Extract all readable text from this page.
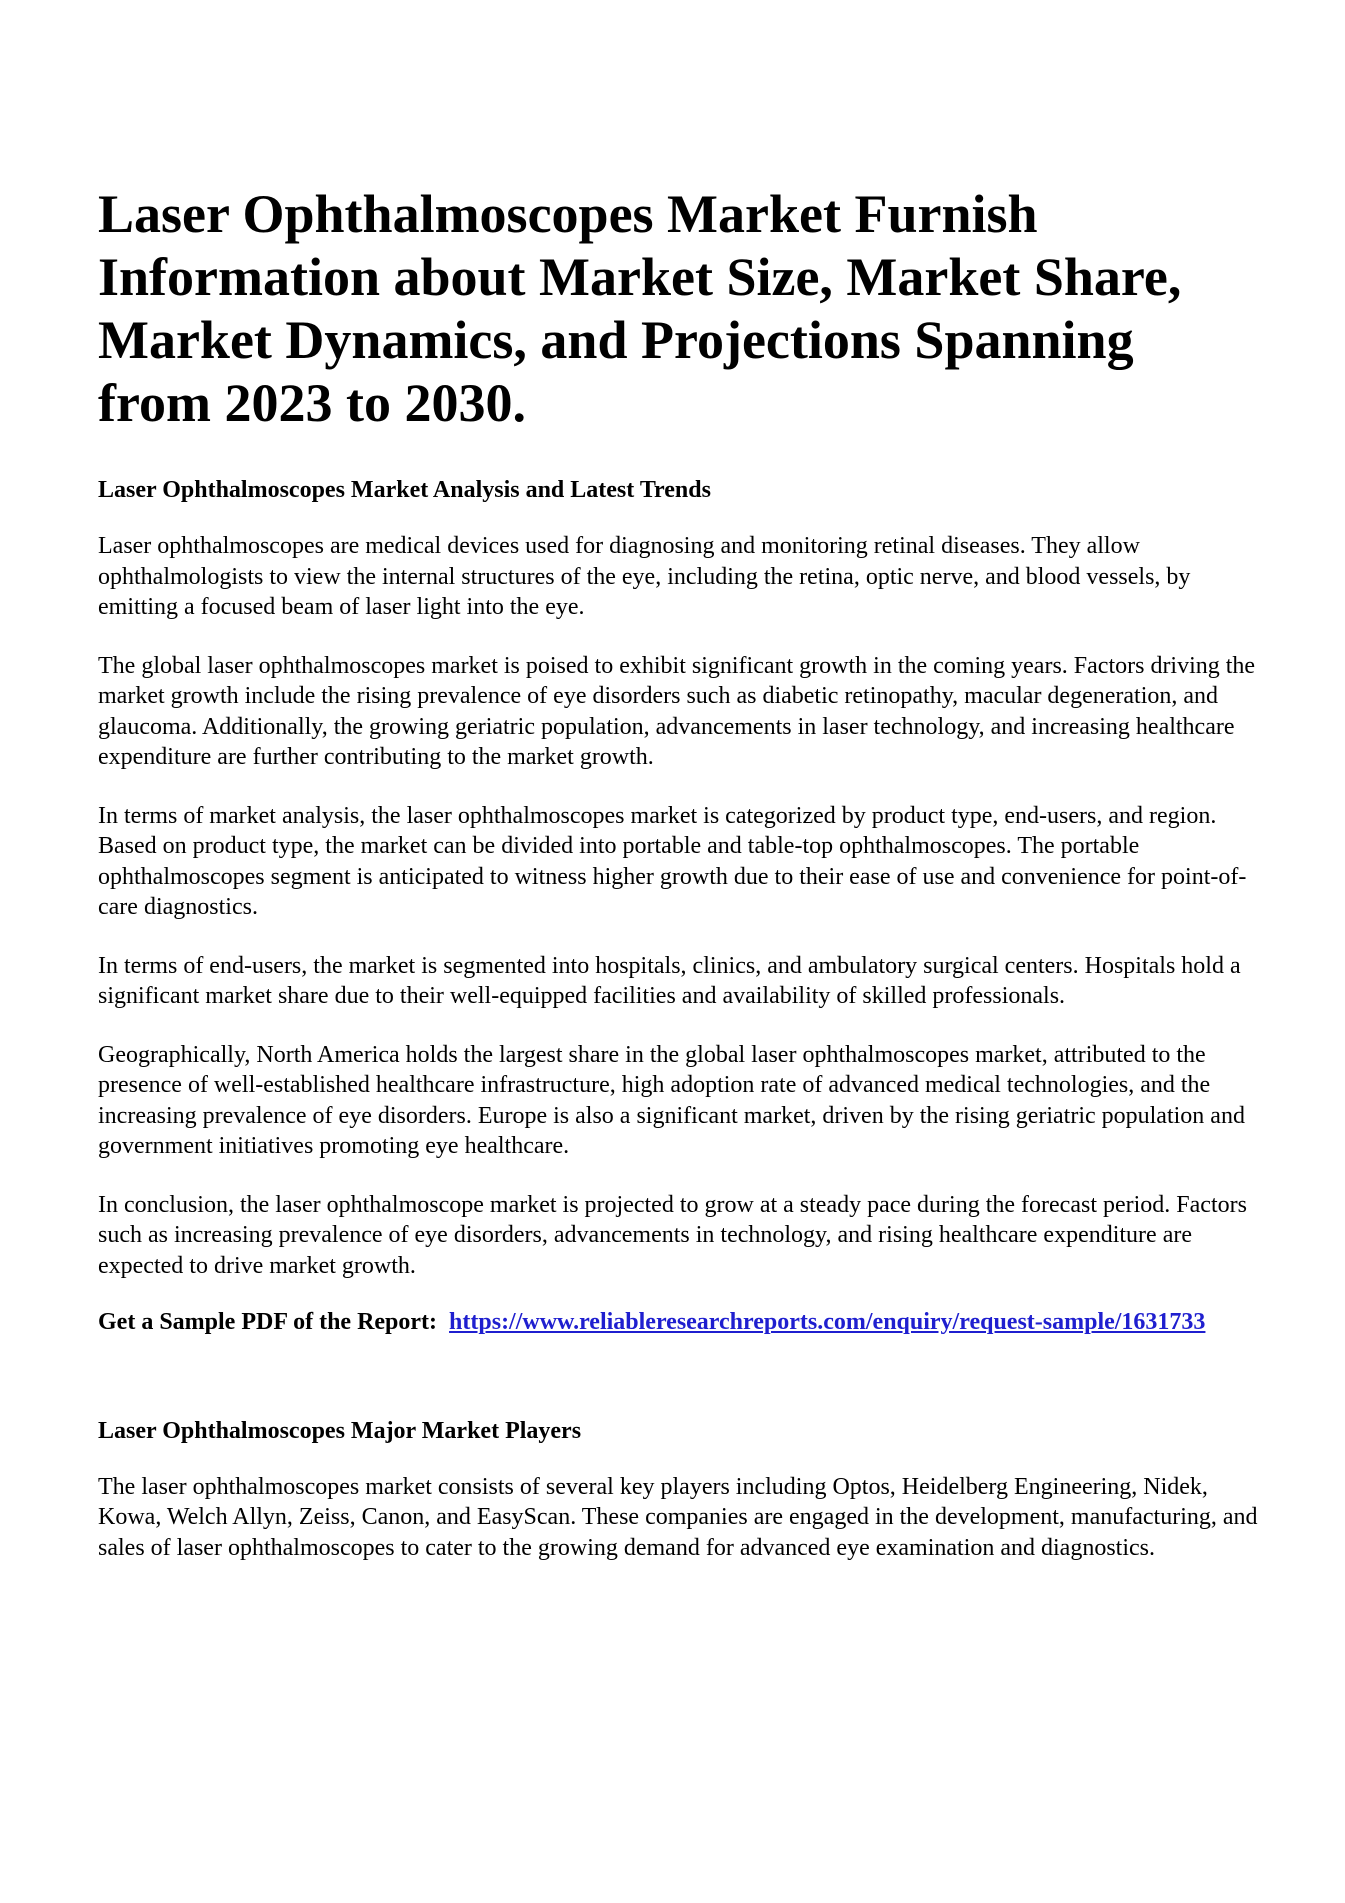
Laser Ophthalmoscopes Market Furnish Information about Market Size, Market Share, Market Dynamics, and Projections Spanning from 2023 to 2030.
Laser Ophthalmoscopes Market Analysis and Latest Trends

Laser ophthalmoscopes are medical devices used for diagnosing and monitoring retinal diseases. They allow ophthalmologists to view the internal structures of the eye, including the retina, optic nerve, and blood vessels, by emitting a focused beam of laser light into the eye.

The global laser ophthalmoscopes market is poised to exhibit significant growth in the coming years. Factors driving the market growth include the rising prevalence of eye disorders such as diabetic retinopathy, macular degeneration, and glaucoma. Additionally, the growing geriatric population, advancements in laser technology, and increasing healthcare expenditure are further contributing to the market growth.

In terms of market analysis, the laser ophthalmoscopes market is categorized by product type, end-users, and region. Based on product type, the market can be divided into portable and table-top ophthalmoscopes. The portable ophthalmoscopes segment is anticipated to witness higher growth due to their ease of use and convenience for point-of-care diagnostics.

In terms of end-users, the market is segmented into hospitals, clinics, and ambulatory surgical centers. Hospitals hold a significant market share due to their well-equipped facilities and availability of skilled professionals.

Geographically, North America holds the largest share in the global laser ophthalmoscopes market, attributed to the presence of well-established healthcare infrastructure, high adoption rate of advanced medical technologies, and the increasing prevalence of eye disorders. Europe is also a significant market, driven by the rising geriatric population and government initiatives promoting eye healthcare.

In conclusion, the laser ophthalmoscope market is projected to grow at a steady pace during the forecast period. Factors such as increasing prevalence of eye disorders, advancements in technology, and rising healthcare expenditure are expected to drive market growth.

Get a Sample PDF of the Report: https://www.reliableresearchreports.com/enquiry/request-sample/1631733

Laser Ophthalmoscopes Major Market Players

The laser ophthalmoscopes market consists of several key players including Optos, Heidelberg Engineering, Nidek, Kowa, Welch Allyn, Zeiss, Canon, and EasyScan. These companies are engaged in the development, manufacturing, and sales of laser ophthalmoscopes to cater to the growing demand for advanced eye examination and diagnostics.
